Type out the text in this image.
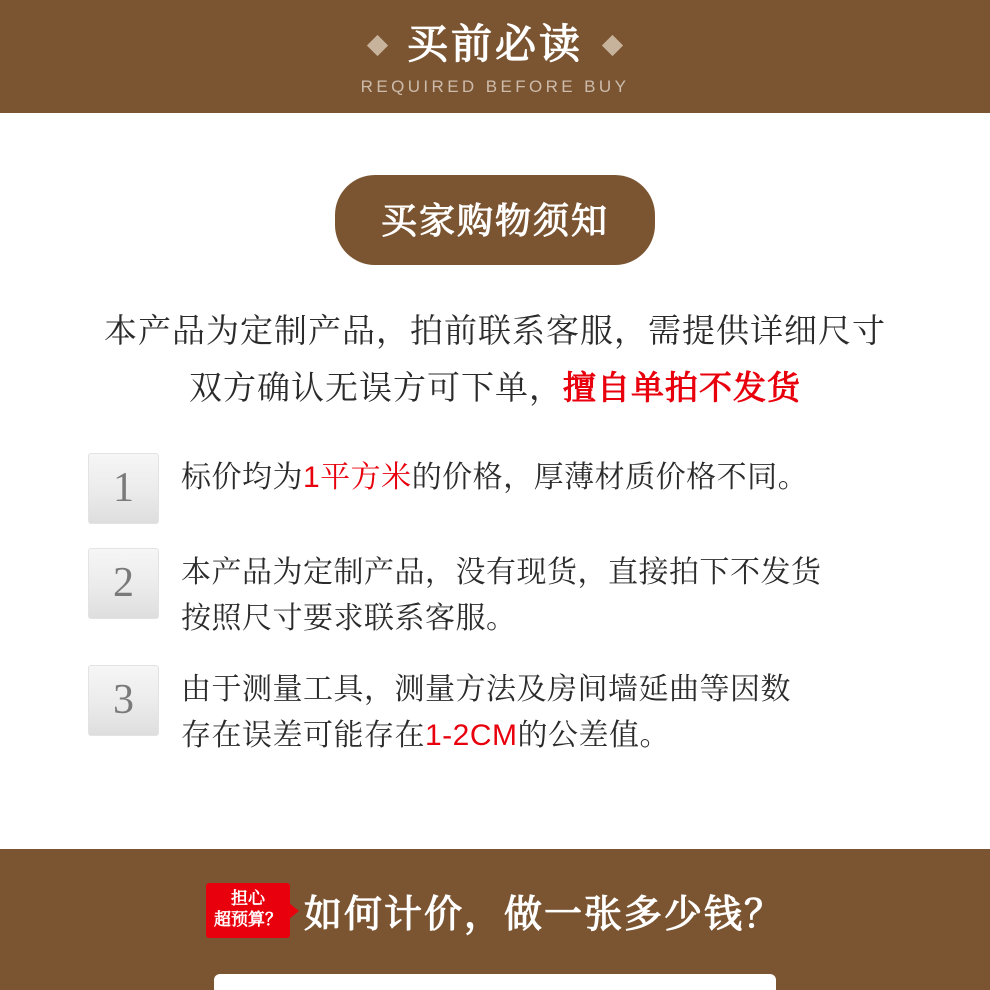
买前必读
REQUIRED BEFORE BUY
买家购物须知
本产品为定制产品，拍前联系客服，需提供详细尺寸
双方确认无误方可下单，擅自单拍不发货
1	标价均为1平方米的价格，厚薄材质价格不同。
2	本产品为定制产品，没有现货，直接拍下不发货
按照尺寸要求联系客服。
3	由于测量工具，测量方法及房间墙延曲等因数
存在误差可能存在1-2CM的公差值。
担心
超预算？ 如何计价，做一张多少钱？
